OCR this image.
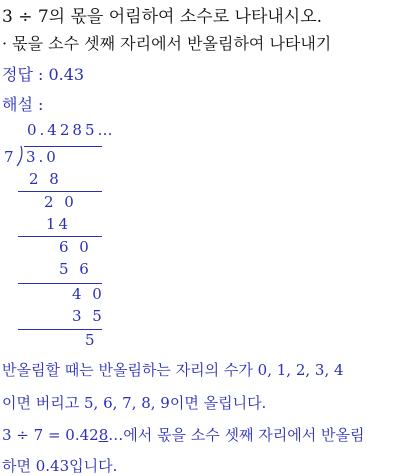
3 ÷ 7의 몫을 어림하여 소수로 나타내시오.
· 몫을 소수 셋째 자리에서 반올림하여 나타내기
정답 : 0.43
해설 :
0.4285…
7 3.0
2 8
2 0
14
6 0
5 6
4 0
3 5
5
반올림할 때는 반올림하는 자리의 수가 0, 1, 2, 3, 4
이면 버리고 5, 6, 7, 8, 9이면 올립니다.
3 ÷ 7 = 0.428…에서 몫을 소수 셋째 자리에서 반올림
하면 0.43입니다.
